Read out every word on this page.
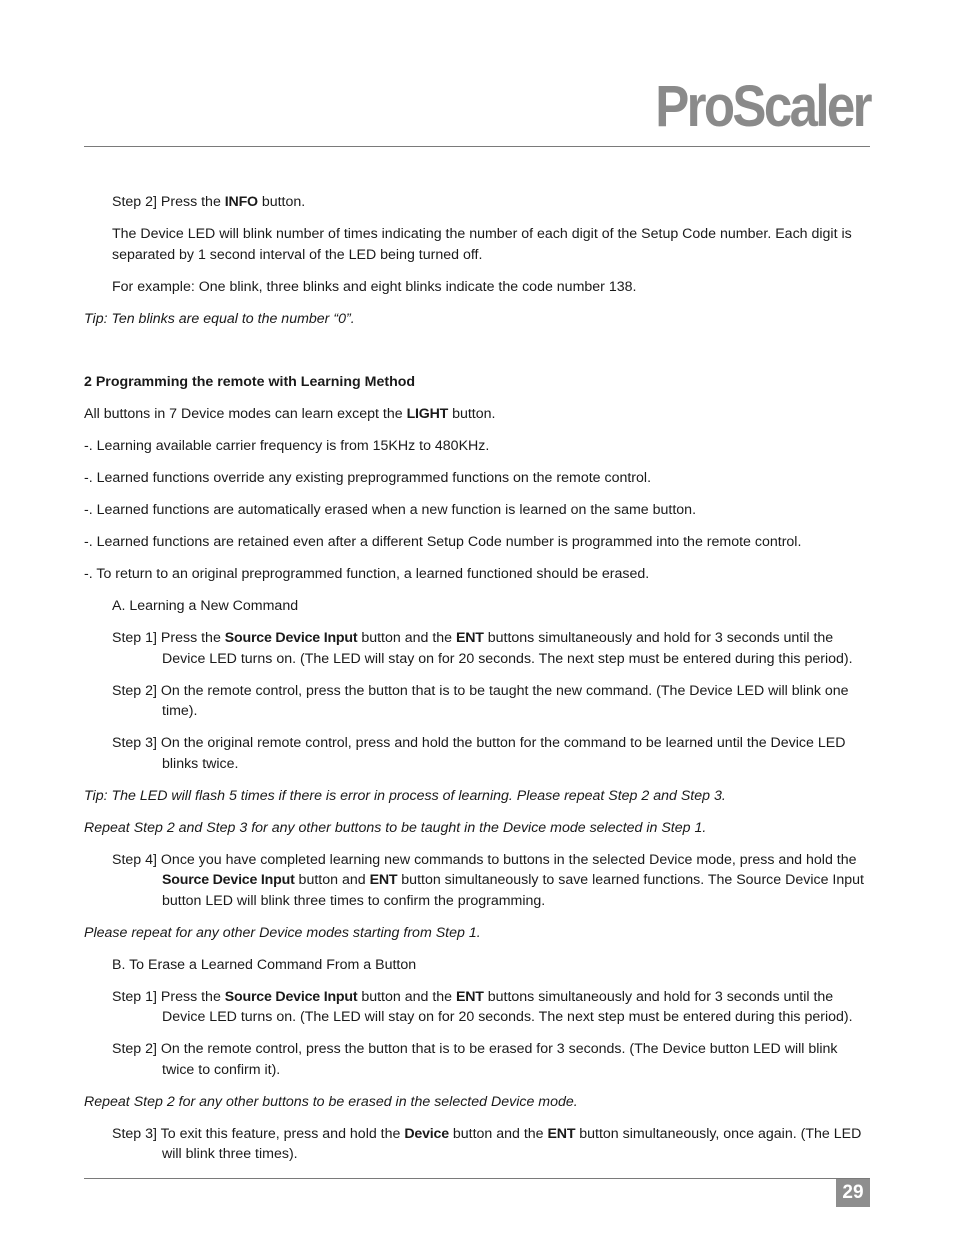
ProScaler

Step 2] Press the INFO button.

The Device LED will blink number of times indicating the number of each digit of the Setup Code number. Each digit is separated by 1 second interval of the LED being turned off.

For example: One blink, three blinks and eight blinks indicate the code number 138.

Tip: Ten blinks are equal to the number “0”.

2 Programming the remote with Learning Method

All buttons in 7 Device modes can learn except the LIGHT button.

-. Learning available carrier frequency is from 15KHz to 480KHz.

-. Learned functions override any existing preprogrammed functions on the remote control.

-. Learned functions are automatically erased when a new function is learned on the same button.

-. Learned functions are retained even after a different Setup Code number is programmed into the remote control.

-. To return to an original preprogrammed function, a learned functioned should be erased.

A. Learning a New Command

Step 1] Press the Source Device Input button and the ENT buttons simultaneously and hold for 3 seconds until the Device LED turns on. (The LED will stay on for 20 seconds. The next step must be entered during this period).

Step 2] On the remote control, press the button that is to be taught the new command. (The Device LED will blink one time).

Step 3] On the original remote control, press and hold the button for the command to be learned until the Device LED blinks twice.

Tip: The LED will flash 5 times if there is error in process of learning. Please repeat Step 2 and Step 3.

Repeat Step 2 and Step 3 for any other buttons to be taught in the Device mode selected in Step 1.

Step 4] Once you have completed learning new commands to buttons in the selected Device mode, press and hold the Source Device Input button and ENT button simultaneously to save learned functions. The Source Device Input button LED will blink three times to confirm the programming.

Please repeat for any other Device modes starting from Step 1.

B. To Erase a Learned Command From a Button

Step 1] Press the Source Device Input button and the ENT buttons simultaneously and hold for 3 seconds until the Device LED turns on. (The LED will stay on for 20 seconds. The next step must be entered during this period).

Step 2] On the remote control, press the button that is to be erased for 3 seconds. (The Device button LED will blink twice to confirm it).

Repeat Step 2 for any other buttons to be erased in the selected Device mode.

Step 3] To exit this feature, press and hold the Device button and the ENT button simultaneously, once again. (The LED will blink three times).

29
